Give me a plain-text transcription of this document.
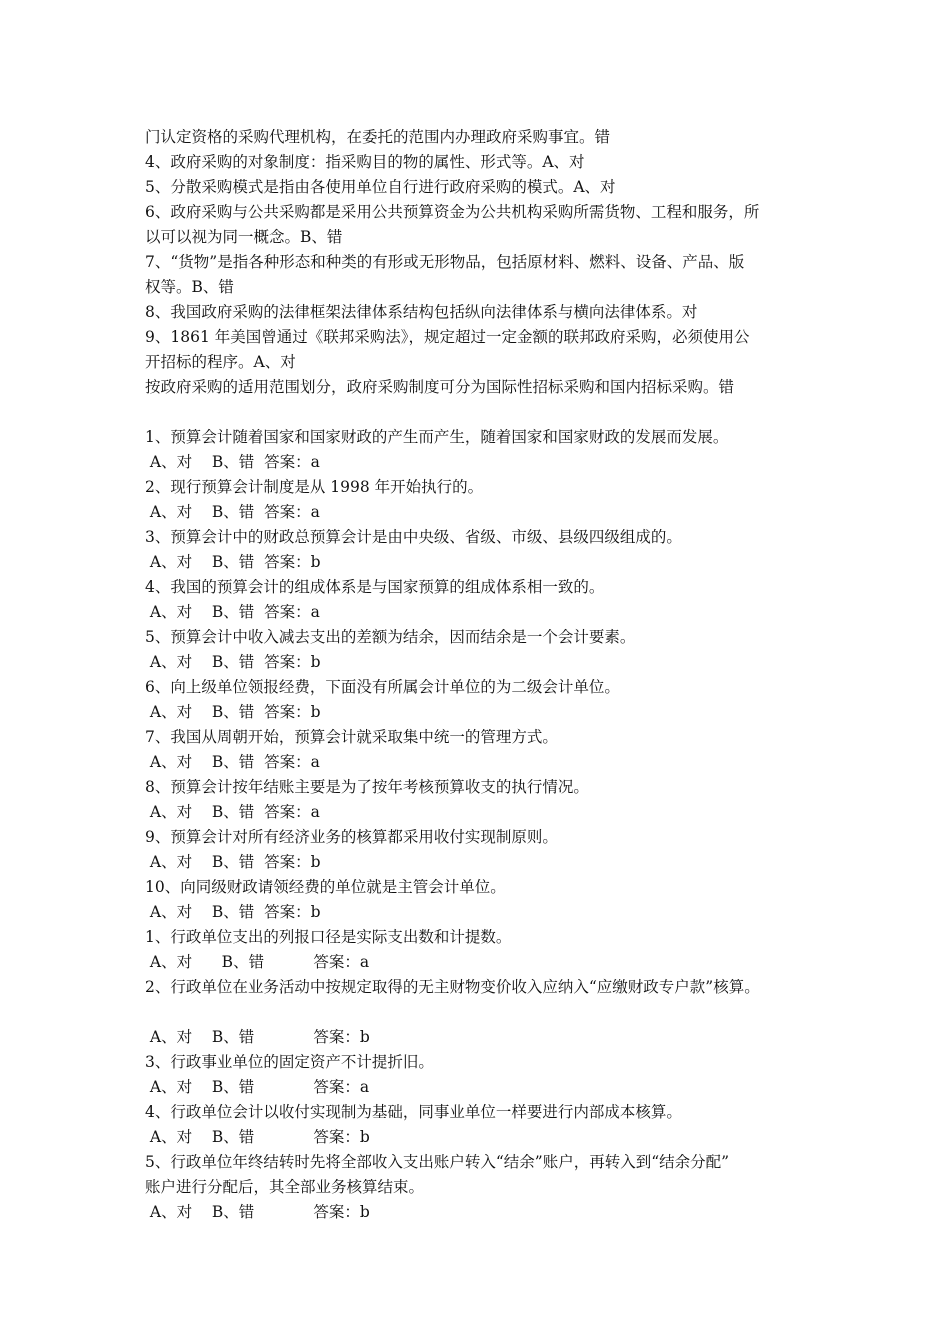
门认定资格的采购代理机构，在委托的范围内办理政府采购事宜。错
4、政府采购的对象制度：指采购目的物的属性、形式等。A、对
5、分散采购模式是指由各使用单位自行进行政府采购的模式。A、对
6、政府采购与公共采购都是采用公共预算资金为公共机构采购所需货物、工程和服务，所
以可以视为同一概念。B、错
7、“货物”是指各种形态和种类的有形或无形物品，包括原材料、燃料、设备、产品、版
权等。B、错
8、我国政府采购的法律框架法律体系结构包括纵向法律体系与横向法律体系。对
9、1861 年美国曾通过《联邦采购法》，规定超过一定金额的联邦政府采购，必须使用公
开招标的程序。A、对
按政府采购的适用范围划分，政府采购制度可分为国际性招标采购和国内招标采购。错
1、预算会计随着国家和国家财政的产生而产生，随着国家和国家财政的发展而发展。
A、对    B、错  答案：a
2、现行预算会计制度是从 1998 年开始执行的。
A、对    B、错  答案：a
3、预算会计中的财政总预算会计是由中央级、省级、市级、县级四级组成的。
A、对    B、错  答案：b
4、我国的预算会计的组成体系是与国家预算的组成体系相一致的。
A、对    B、错  答案：a
5、预算会计中收入减去支出的差额为结余，因而结余是一个会计要素。
A、对    B、错  答案：b
6、向上级单位领报经费，下面没有所属会计单位的为二级会计单位。
A、对    B、错  答案：b
7、我国从周朝开始，预算会计就采取集中统一的管理方式。
A、对    B、错  答案：a
8、预算会计按年结账主要是为了按年考核预算收支的执行情况。
A、对    B、错  答案：a
9、预算会计对所有经济业务的核算都采用收付实现制原则。
A、对    B、错  答案：b
10、向同级财政请领经费的单位就是主管会计单位。
A、对    B、错  答案：b
1、行政单位支出的列报口径是实际支出数和计提数。
A、对      B、错          答案：a
2、行政单位在业务活动中按规定取得的无主财物变价收入应纳入“应缴财政专户款”核算。
A、对    B、错            答案：b
3、行政事业单位的固定资产不计提折旧。
A、对    B、错            答案：a
4、行政单位会计以收付实现制为基础，同事业单位一样要进行内部成本核算。
A、对    B、错            答案：b
5、行政单位年终结转时先将全部收入支出账户转入“结余”账户，再转入到“结余分配”
账户进行分配后，其全部业务核算结束。
A、对    B、错            答案：b
